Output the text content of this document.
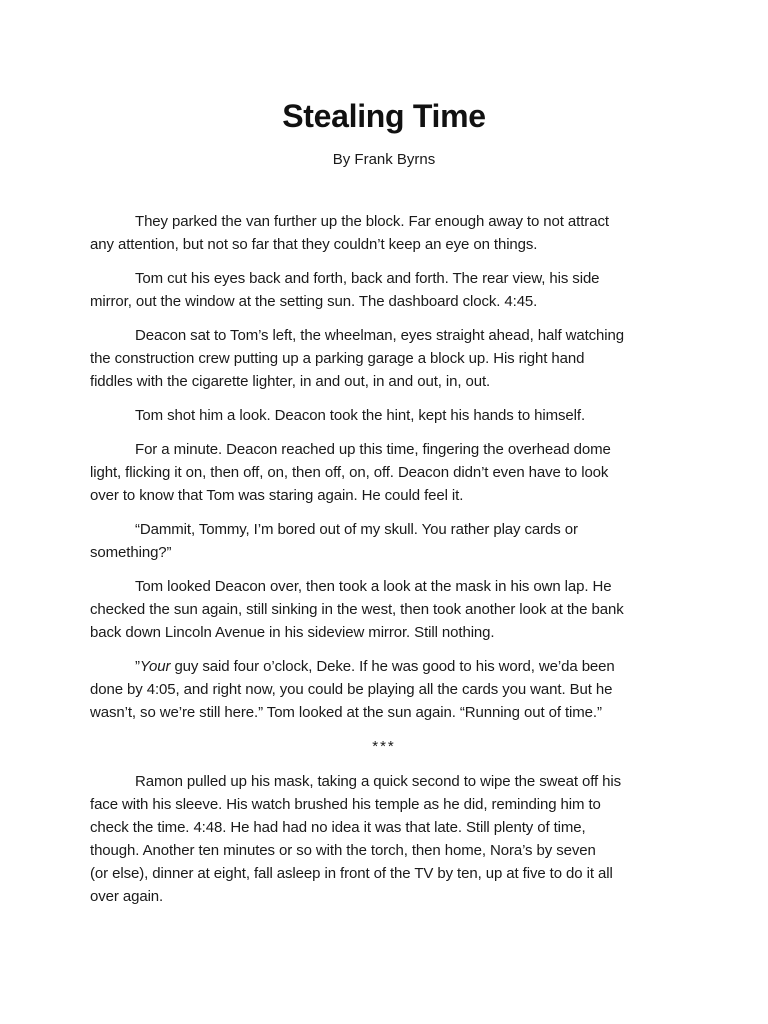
Stealing Time

By Frank Byrns

They parked the van further up the block. Far enough away to not attract
any attention, but not so far that they couldn’t keep an eye on things.

Tom cut his eyes back and forth, back and forth. The rear view, his side
mirror, out the window at the setting sun. The dashboard clock. 4:45.

Deacon sat to Tom’s left, the wheelman, eyes straight ahead, half watching
the construction crew putting up a parking garage a block up. His right hand
fiddles with the cigarette lighter, in and out, in and out, in, out.

Tom shot him a look. Deacon took the hint, kept his hands to himself.

For a minute. Deacon reached up this time, fingering the overhead dome
light, flicking it on, then off, on, then off, on, off. Deacon didn’t even have to look
over to know that Tom was staring again. He could feel it.

“Dammit, Tommy, I’m bored out of my skull. You rather play cards or
something?”

Tom looked Deacon over, then took a look at the mask in his own lap. He
checked the sun again, still sinking in the west, then took another look at the bank
back down Lincoln Avenue in his sideview mirror. Still nothing.

”Your guy said four o’clock, Deke. If he was good to his word, we’da been
done by 4:05, and right now, you could be playing all the cards you want. But he
wasn’t, so we’re still here.” Tom looked at the sun again. “Running out of time.”

***

Ramon pulled up his mask, taking a quick second to wipe the sweat off his
face with his sleeve. His watch brushed his temple as he did, reminding him to
check the time. 4:48. He had had no idea it was that late. Still plenty of time,
though. Another ten minutes or so with the torch, then home, Nora’s by seven
(or else), dinner at eight, fall asleep in front of the TV by ten, up at five to do it all
over again.
